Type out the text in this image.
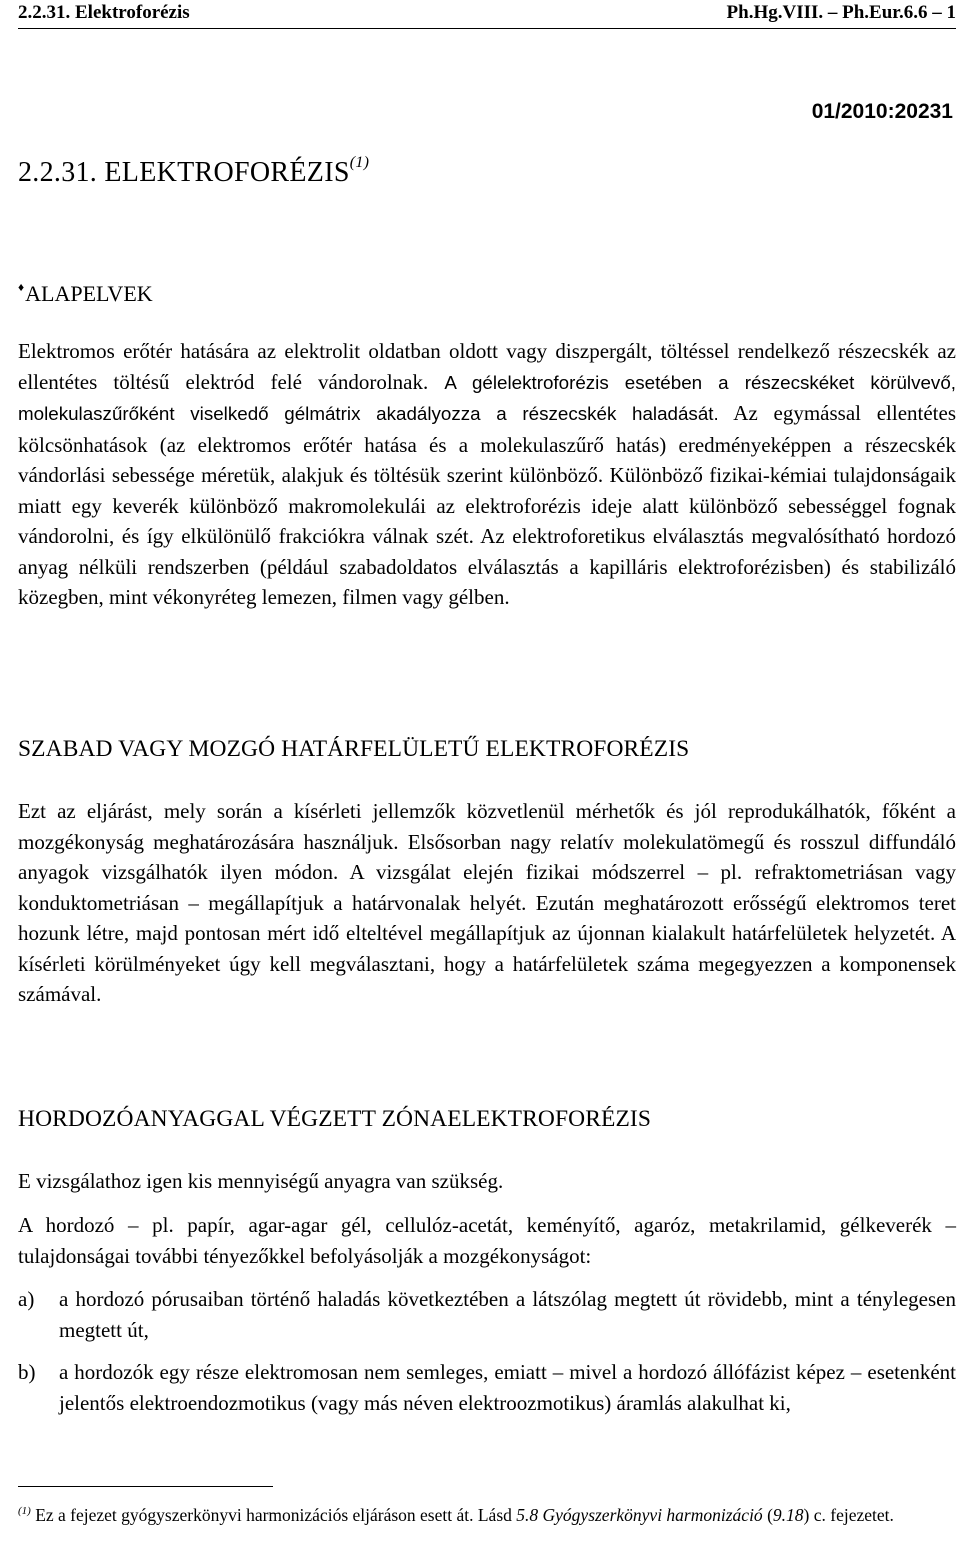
2.2.31. Elektroforézis	Ph.Hg.VIII. – Ph.Eur.6.6 – 1
01/2010:20231
2.2.31. ELEKTROFORÉZIS$^{(1)}$
♦ALAPELVEK
Elektromos erőtér hatására az elektrolit oldatban oldott vagy diszpergált, töltéssel rendelkező részecskék az ellentétes töltésű elektród felé vándorolnak. A gélelektroforézis esetében a részecskéket körülvevő, molekulaszűrőként viselkedő gélmátrix akadályozza a részecskék haladását. Az egymással ellentétes kölcsönhatások (az elektromos erőtér hatása és a molekulaszűrő hatás) eredményeképpen a részecskék vándorlási sebessége méretük, alakjuk és töltésük szerint különböző. Különböző fizikai-kémiai tulajdonságaik miatt egy keverék különböző makromolekulái az elektroforézis ideje alatt különböző sebességgel fognak vándorolni, és így elkülönülő frakciókra válnak szét. Az elektroforetikus elválasztás megvalósítható hordozó anyag nélküli rendszerben (például szabadoldatos elválasztás a kapilláris elektroforézisben) és stabilizáló közegben, mint vékonyréteg lemezen, filmen vagy gélben.
SZABAD VAGY MOZGÓ HATÁRFELÜLETŰ ELEKTROFORÉZIS
Ezt az eljárást, mely során a kísérleti jellemzők közvetlenül mérhetők és jól reprodukálhatók, főként a mozgékonyság meghatározására használjuk. Elsősorban nagy relatív molekulatömegű és rosszul diffundáló anyagok vizsgálhatók ilyen módon. A vizsgálat elején fizikai módszerrel – pl. refraktometriásan vagy konduktometriásan – megállapítjuk a határvonalak helyét. Ezután meghatározott erősségű elektromos teret hozunk létre, majd pontosan mért idő elteltével megállapítjuk az újonnan kialakult határfelületek helyzetét. A kísérleti körülményeket úgy kell megválasztani, hogy a határfelületek száma megegyezzen a komponensek számával.
HORDOZÓANYAGGAL VÉGZETT ZÓNAELEKTROFORÉZIS
E vizsgálathoz igen kis mennyiségű anyagra van szükség.
A hordozó – pl. papír, agar-agar gél, cellulóz-acetát, keményítő, agaróz, metakrilamid, gélkeverék – tulajdonságai további tényezőkkel befolyásolják a mozgékonyságot:
a) a hordozó pórusaiban történő haladás következtében a látszólag megtett út rövidebb, mint a ténylegesen megtett út,
b) a hordozók egy része elektromosan nem semleges, emiatt – mivel a hordozó állófázist képez – esetenként jelentős elektroendozmotikus (vagy más néven elektroozmotikus) áramlás alakulhat ki,
$^{(1)}$ Ez a fejezet gyógyszerkönyvi harmonizációs eljáráson esett át. Lásd 5.8 Gyógyszerkönyvi harmonizáció (9.18) c. fejezetet.
